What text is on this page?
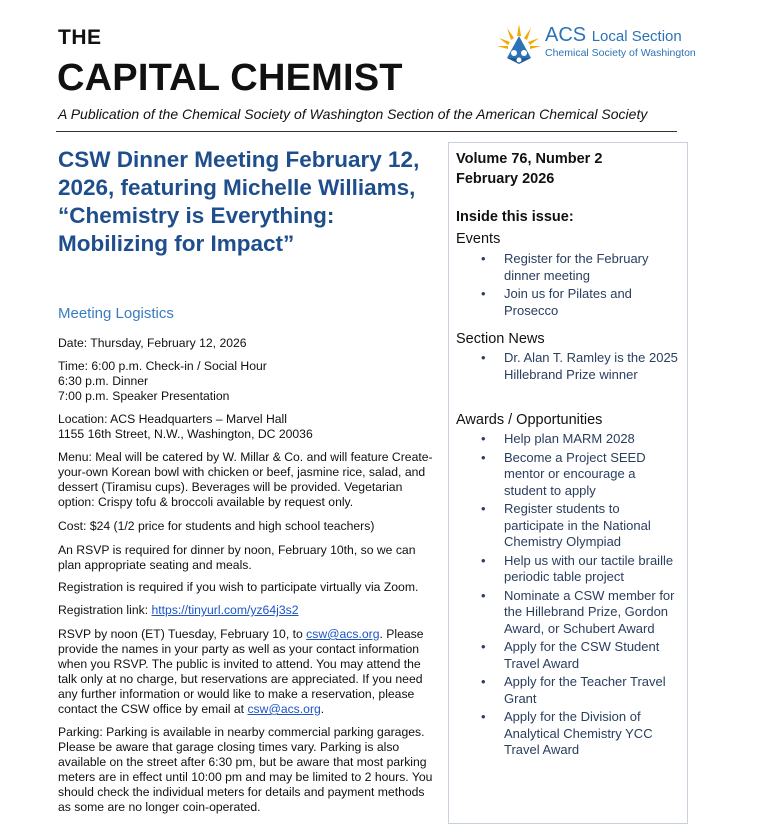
THE
CAPITAL CHEMIST
A Publication of the Chemical Society of Washington Section of the American Chemical Society
ACS Local Section
Chemical Society of Washington
CSW Dinner Meeting February 12, 2026, featuring Michelle Williams, “Chemistry is Everything: Mobilizing for Impact”
Meeting Logistics
Date: Thursday, February 12, 2026
Time: 6:00 p.m. Check-in / Social Hour
6:30 p.m. Dinner
7:00 p.m. Speaker Presentation
Location: ACS Headquarters – Marvel Hall
1155 16th Street, N.W., Washington, DC 20036
Menu: Meal will be catered by W. Millar & Co. and will feature Create-your-own Korean bowl with chicken or beef, jasmine rice, salad, and dessert (Tiramisu cups). Beverages will be provided. Vegetarian option: Crispy tofu & broccoli available by request only.
Cost: $24 (1/2 price for students and high school teachers)
An RSVP is required for dinner by noon, February 10th, so we can plan appropriate seating and meals.
Registration is required if you wish to participate virtually via Zoom.
Registration link: https://tinyurl.com/yz64j3s2
RSVP by noon (ET) Tuesday, February 10, to csw@acs.org. Please provide the names in your party as well as your contact information when you RSVP. The public is invited to attend. You may attend the talk only at no charge, but reservations are appreciated. If you need any further information or would like to make a reservation, please contact the CSW office by email at csw@acs.org.
Parking: Parking is available in nearby commercial parking garages. Please be aware that garage closing times vary. Parking is also available on the street after 6:30 pm, but be aware that most parking meters are in effect until 10:00 pm and may be limited to 2 hours. You should check the individual meters for details and payment methods as some are no longer coin-operated.
Volume 76, Number 2
February 2026
Inside this issue:
Events
• Register for the February dinner meeting
• Join us for Pilates and Prosecco
Section News
• Dr. Alan T. Ramley is the 2025 Hillebrand Prize winner
Awards / Opportunities
• Help plan MARM 2028
• Become a Project SEED mentor or encourage a student to apply
• Register students to participate in the National Chemistry Olympiad
• Help us with our tactile braille periodic table project
• Nominate a CSW member for the Hillebrand Prize, Gordon Award, or Schubert Award
• Apply for the CSW Student Travel Award
• Apply for the Teacher Travel Grant
• Apply for the Division of Analytical Chemistry YCC Travel Award
